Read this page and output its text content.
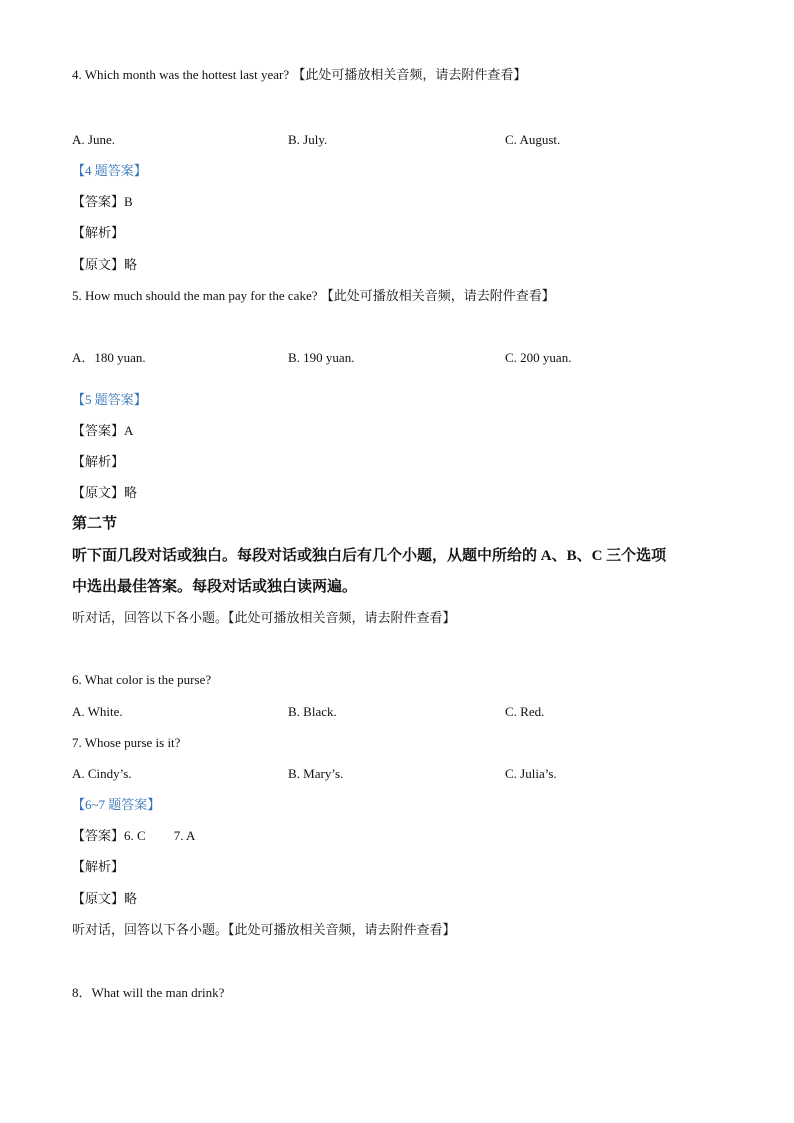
4. Which month was the hottest last year? 【此处可播放相关音频，请去附件查看】
A. June.	B. July.	C. August.
【4 题答案】
【答案】B
【解析】
【原文】略
5. How much should the man pay for the cake? 【此处可播放相关音频，请去附件查看】
A．180 yuan.	B. 190 yuan.	C. 200 yuan.
【5 题答案】
【答案】A
【解析】
【原文】略
第二节
听下面几段对话或独白。每段对话或独白后有几个小题，从题中所给的 A、B、C 三个选项
中选出最佳答案。每段对话或独白读两遍。
听对话，回答以下各小题。【此处可播放相关音频，请去附件查看】
6. What color is the purse?
A. White.	B. Black.	C. Red.
7. Whose purse is it?
A. Cindy’s.	B. Mary’s.	C. Julia’s.
【6~7 题答案】
【答案】6. C 7. A
【解析】
【原文】略
听对话，回答以下各小题。【此处可播放相关音频，请去附件查看】
8．What will the man drink?
